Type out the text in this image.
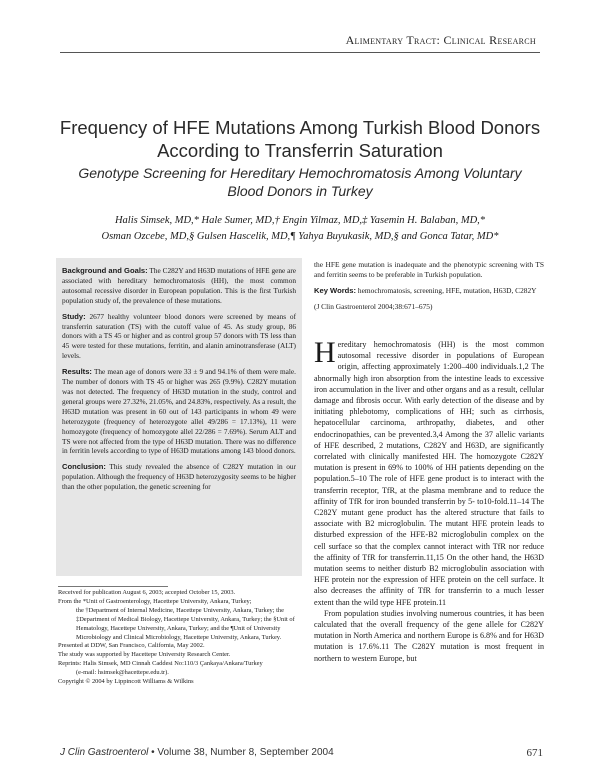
Alimentary Tract: Clinical Research
Frequency of HFE Mutations Among Turkish Blood Donors
According to Transferrin Saturation
Genotype Screening for Hereditary Hemochromatosis Among Voluntary
Blood Donors in Turkey
Halis Simsek, MD,* Hale Sumer, MD,† Engin Yilmaz, MD,‡ Yasemin H. Balaban, MD,*
Osman Ozcebe, MD,§ Gulsen Hascelik, MD,¶ Yahya Buyukasik, MD,§ and Gonca Tatar, MD*

Background and Goals: The C282Y and H63D mutations of HFE gene are associated with hereditary hemochromatosis (HH), the most common autosomal recessive disorder in European population. This is the first Turkish population study of, the prevalence of these mutations.

Study: 2677 healthy volunteer blood donors were screened by means of transferrin saturation (TS) with the cutoff value of 45. As study group, 86 donors with a TS 45 or higher and as control group 57 donors with TS less than 45 were tested for these mutations, ferritin, and alanin aminotransferase (ALT) levels.

Results: The mean age of donors were 33 ± 9 and 94.1% of them were male. The number of donors with TS 45 or higher was 265 (9.9%). C282Y mutation was not detected. The frequency of H63D mutation in the study, control and general groups were 27.32%, 21.05%, and 24.83%, respectively. As a result, the H63D mutation was present in 60 out of 143 participants in whom 49 were heterozygote (frequency of heterozygote allel 49/286 = 17.13%), 11 were homozygote (frequency of homozygote allel 22/286 = 7.69%). Serum ALT and TS were not affected from the type of H63D mutation. There was no difference in ferritin levels according to type of H63D mutations among 143 blood donors.

Conclusion: This study revealed the absence of C282Y mutation in our population. Although the frequency of H63D heterozygosity seems to be higher than the other population, the genetic screening for

the HFE gene mutation is inadequate and the phenotypic screening with TS and ferritin seems to be preferable in Turkish population.

Key Words: hemochromatosis, screening, HFE, mutation, H63D, C282Y

(J Clin Gastroenterol 2004;38:671–675)

Hereditary hemochromatosis (HH) is the most common autosomal recessive disorder in populations of European origin, affecting approximately 1:200–400 individuals.1,2 The abnormally high iron absorption from the intestine leads to excessive iron accumulation in the liver and other organs and as a result, cellular damage and fibrosis occur. With early detection of the disease and by initiating phlebotomy, complications of HH; such as cirrhosis, hepatocellular carcinoma, arthropathy, diabetes, and other endocrinopathies, can be prevented.3,4 Among the 37 allelic variants of HFE described, 2 mutations, C282Y and H63D, are significantly correlated with clinically manifested HH. The homozygote C282Y mutation is present in 69% to 100% of HH patients depending on the population.5–10 The role of HFE gene product is to interact with the transferrin receptor, TfR, at the plasma membrane and to reduce the affinity of TfR for iron bounded transferrin by 5- to10-fold.11–14 The C282Y mutant gene product has the altered structure that fails to associate with B2 microglobulin. The mutant HFE protein leads to disturbed expression of the HFE-B2 microglobulin complex on the cell surface so that the complex cannot interact with TfR nor reduce the affinity of TfR for transferrin.11,15 On the other hand, the H63D mutation seems to neither disturb B2 microglobulin association with HFE protein nor the expression of HFE protein on the cell surface. It also decreases the affinity of TfR for transferrin to a much lesser extent than the wild type HFE protein.11

From population studies involving numerous countries, it has been calculated that the overall frequency of the gene allele for C282Y mutation in North America and northern Europe is 6.8% and for H63D mutation is 17.6%.11 The C282Y mutation is most frequent in northern to western Europe, but

Received for publication August 6, 2003; accepted October 15, 2003.
From the *Unit of Gastroenterology, Hacettepe University, Ankara, Turkey;
the †Department of Internal Medicine, Hacettepe University, Ankara, Turkey; the ‡Department of Medical Biology, Hacettepe University, Ankara, Turkey; the §Unit of Hematology, Hacettepe University, Ankara, Turkey; and the ¶Unit of University Microbiology and Clinical Microbiology, Hacettepe University, Ankara, Turkey.
Presented at DDW, San Francisco, California, May 2002.
The study was supported by Hacettepe University Research Center.
Reprints: Halis Simsek, MD Cinnah Caddesi No:110/3 Çankaya/Ankara/Turkey
(e-mail: hsimsek@hacettepe.edu.tr).
Copyright © 2004 by Lippincott Williams & Wilkins
J Clin Gastroenterol • Volume 38, Number 8, September 2004	671
